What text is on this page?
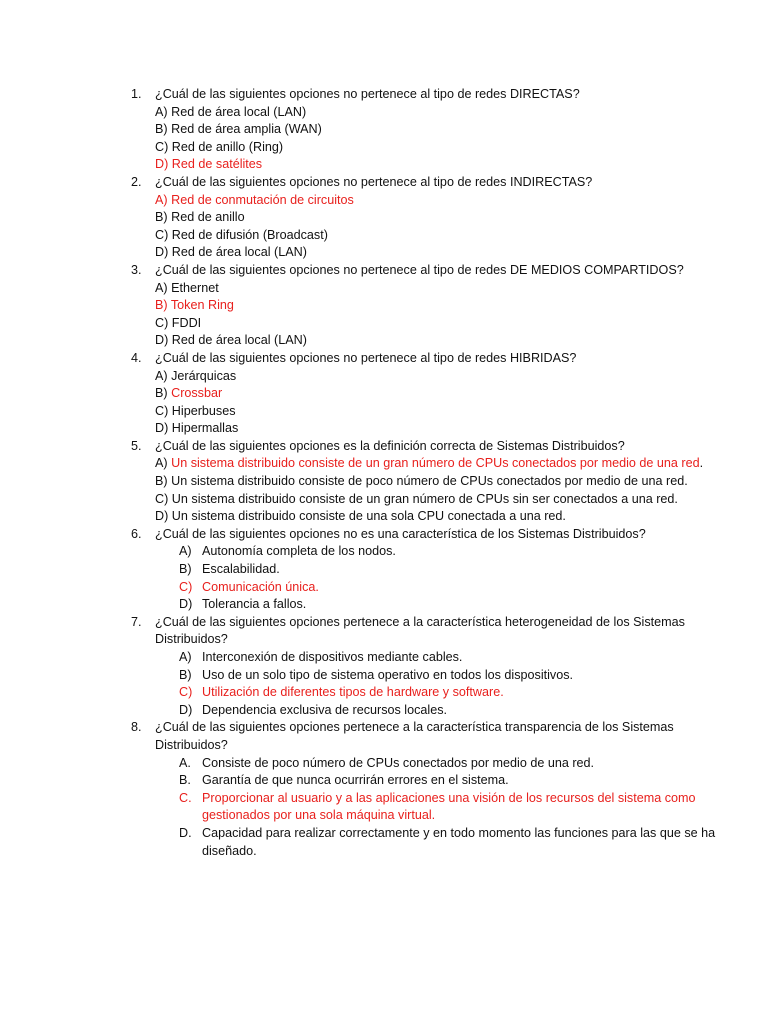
1. ¿Cuál de las siguientes opciones no pertenece al tipo de redes DIRECTAS?
A) Red de área local (LAN)
B) Red de área amplia (WAN)
C) Red de anillo (Ring)
D) Red de satélites
2. ¿Cuál de las siguientes opciones no pertenece al tipo de redes INDIRECTAS?
A) Red de conmutación de circuitos
B) Red de anillo
C) Red de difusión (Broadcast)
D) Red de área local (LAN)
3. ¿Cuál de las siguientes opciones no pertenece al tipo de redes DE MEDIOS COMPARTIDOS?
A) Ethernet
B) Token Ring
C) FDDI
D) Red de área local (LAN)
4. ¿Cuál de las siguientes opciones no pertenece al tipo de redes HIBRIDAS?
A) Jerárquicas
B) Crossbar
C) Hiperbuses
D) Hipermallas
5. ¿Cuál de las siguientes opciones es la definición correcta de Sistemas Distribuidos?
A) Un sistema distribuido consiste de un gran número de CPUs conectados por medio de una red.
B) Un sistema distribuido consiste de poco número de CPUs conectados por medio de una red.
C) Un sistema distribuido consiste de un gran número de CPUs sin ser conectados a una red.
D) Un sistema distribuido consiste de una sola CPU conectada a una red.
6. ¿Cuál de las siguientes opciones no es una característica de los Sistemas Distribuidos?
A) Autonomía completa de los nodos.
B) Escalabilidad.
C) Comunicación única.
D) Tolerancia a fallos.
7. ¿Cuál de las siguientes opciones pertenece a la característica heterogeneidad de los Sistemas Distribuidos?
A) Interconexión de dispositivos mediante cables.
B) Uso de un solo tipo de sistema operativo en todos los dispositivos.
C) Utilización de diferentes tipos de hardware y software.
D) Dependencia exclusiva de recursos locales.
8. ¿Cuál de las siguientes opciones pertenece a la característica transparencia de los Sistemas Distribuidos?
A. Consiste de poco número de CPUs conectados por medio de una red.
B. Garantía de que nunca ocurrirán errores en el sistema.
C. Proporcionar al usuario y a las aplicaciones una visión de los recursos del sistema como gestionados por una sola máquina virtual.
D. Capacidad para realizar correctamente y en todo momento las funciones para las que se ha diseñado.
